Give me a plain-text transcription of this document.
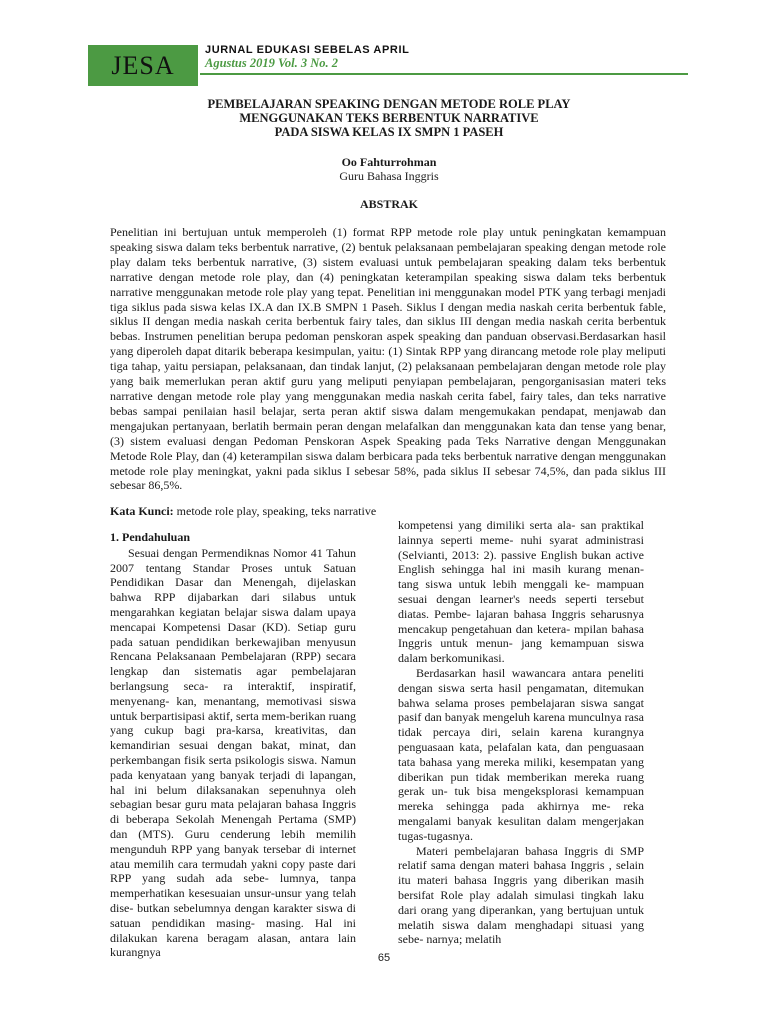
JESA
JURNAL EDUKASI SEBELAS APRIL
Agustus 2019 Vol. 3 No. 2
PEMBELAJARAN SPEAKING DENGAN METODE ROLE PLAY
MENGGUNAKAN TEKS BERBENTUK NARRATIVE
PADA SISWA KELAS IX SMPN 1 PASEH
Oo Fahturrohman
Guru Bahasa Inggris
ABSTRAK

Penelitian ini bertujuan untuk memperoleh (1) format RPP metode role play untuk peningkatan kemampuan speaking siswa dalam teks berbentuk narrative, (2) bentuk pelaksanaan pembelajaran speaking dengan metode role play dalam teks berbentuk narrative, (3) sistem evaluasi untuk pembelajaran speaking dalam teks berbentuk narrative dengan metode role play, dan (4) peningkatan keterampilan speaking siswa dalam teks berbentuk narrative menggunakan metode role play yang tepat. Penelitian ini menggunakan model PTK yang terbagi menjadi tiga siklus pada siswa kelas IX.A dan IX.B SMPN 1 Paseh. Siklus I dengan media naskah cerita berbentuk fable, siklus II dengan media naskah cerita berbentuk fairy tales, dan siklus III dengan media naskah cerita berbentuk bebas. Instrumen penelitian berupa pedoman penskoran aspek speaking dan panduan observasi.Berdasarkan hasil yang diperoleh dapat ditarik beberapa kesimpulan, yaitu: (1) Sintak RPP yang dirancang metode role play meliputi tiga tahap, yaitu persiapan, pelaksanaan, dan tindak lanjut, (2) pelaksanaan pembelajaran dengan metode role play yang baik memerlukan peran aktif guru yang meliputi penyiapan pembelajaran, pengorganisasian materi teks narrative dengan metode role play yang menggunakan media naskah cerita fabel, fairy tales, dan teks narrative bebas sampai penilaian hasil belajar, serta peran aktif siswa dalam mengemukakan pendapat, menjawab dan mengajukan pertanyaan, berlatih bermain peran dengan melafalkan dan menggunakan kata dan tense yang benar, (3) sistem evaluasi dengan Pedoman Penskoran Aspek Speaking pada Teks Narrative dengan Menggunakan Metode Role Play, dan (4) keterampilan siswa dalam berbicara pada teks berbentuk narrative dengan menggunakan metode role play meningkat, yakni pada siklus I sebesar 58%, pada siklus II sebesar 74,5%, dan pada siklus III sebesar 86,5%.

Kata Kunci: metode role play, speaking, teks narrative

1. Pendahuluan

Sesuai dengan Permendiknas Nomor 41 Tahun 2007 tentang Standar Proses untuk Satuan Pendidikan Dasar dan Menengah, dijelaskan bahwa RPP dijabarkan dari silabus untuk mengarahkan kegiatan belajar siswa dalam upaya mencapai Kompetensi Dasar (KD). Setiap guru pada satuan pendidikan berkewajiban menyusun Rencana Pelaksanaan Pembelajaran (RPP) secara lengkap dan sistematis agar pembelajaran berlangsung seca- ra interaktif, inspiratif, menyenang- kan, menantang, memotivasi siswa untuk berpartisipasi aktif, serta mem-berikan ruang yang cukup bagi pra-karsa, kreativitas, dan kemandirian sesuai dengan bakat, minat, dan perkembangan fisik serta psikologis siswa. Namun pada kenyataan yang banyak terjadi di lapangan, hal ini belum dilaksanakan sepenuhnya oleh sebagian besar guru mata pelajaran bahasa Inggris di beberapa Sekolah Menengah Pertama (SMP) dan (MTS). Guru cenderung lebih memilih mengunduh RPP yang banyak tersebar di internet atau memilih cara termudah yakni copy paste dari RPP yang sudah ada sebe- lumnya, tanpa memperhatikan kesesuaian unsur-unsur yang telah dise- butkan sebelumnya dengan karakter siswa di satuan pendidikan masing- masing. Hal ini dilakukan karena beragam alasan, antara lain kurangnya

kompetensi yang dimiliki serta ala- san praktikal lainnya seperti meme- nuhi syarat administrasi (Selvianti, 2013: 2). passive English bukan active English sehingga hal ini masih kurang menan- tang siswa untuk lebih menggali ke- mampuan sesuai dengan learner's needs seperti tersebut diatas. Pembe- lajaran bahasa Inggris seharusnya mencakup pengetahuan dan ketera- mpilan bahasa Inggris untuk menun- jang kemampuan siswa dalam berkomunikasi.

Berdasarkan hasil wawancara antara peneliti dengan siswa serta hasil pengamatan, ditemukan bahwa selama proses pembelajaran siswa sangat pasif dan banyak mengeluh karena munculnya rasa tidak percaya diri, selain karena kurangnya penguasaan kata, pelafalan kata, dan penguasaan tata bahasa yang mereka miliki, kesempatan yang diberikan pun tidak memberikan mereka ruang gerak un- tuk bisa mengeksplorasi kemampuan mereka sehingga pada akhirnya me- reka mengalami banyak kesulitan dalam mengerjakan tugas-tugasnya.

Materi pembelajaran bahasa Inggris di SMP relatif sama dengan materi bahasa Inggris , selain itu materi bahasa Inggris yang diberikan masih bersifat Role play adalah simulasi tingkah laku dari orang yang diperankan, yang bertujuan untuk melatih siswa dalam menghadapi situasi yang sebe- narnya; melatih

65
